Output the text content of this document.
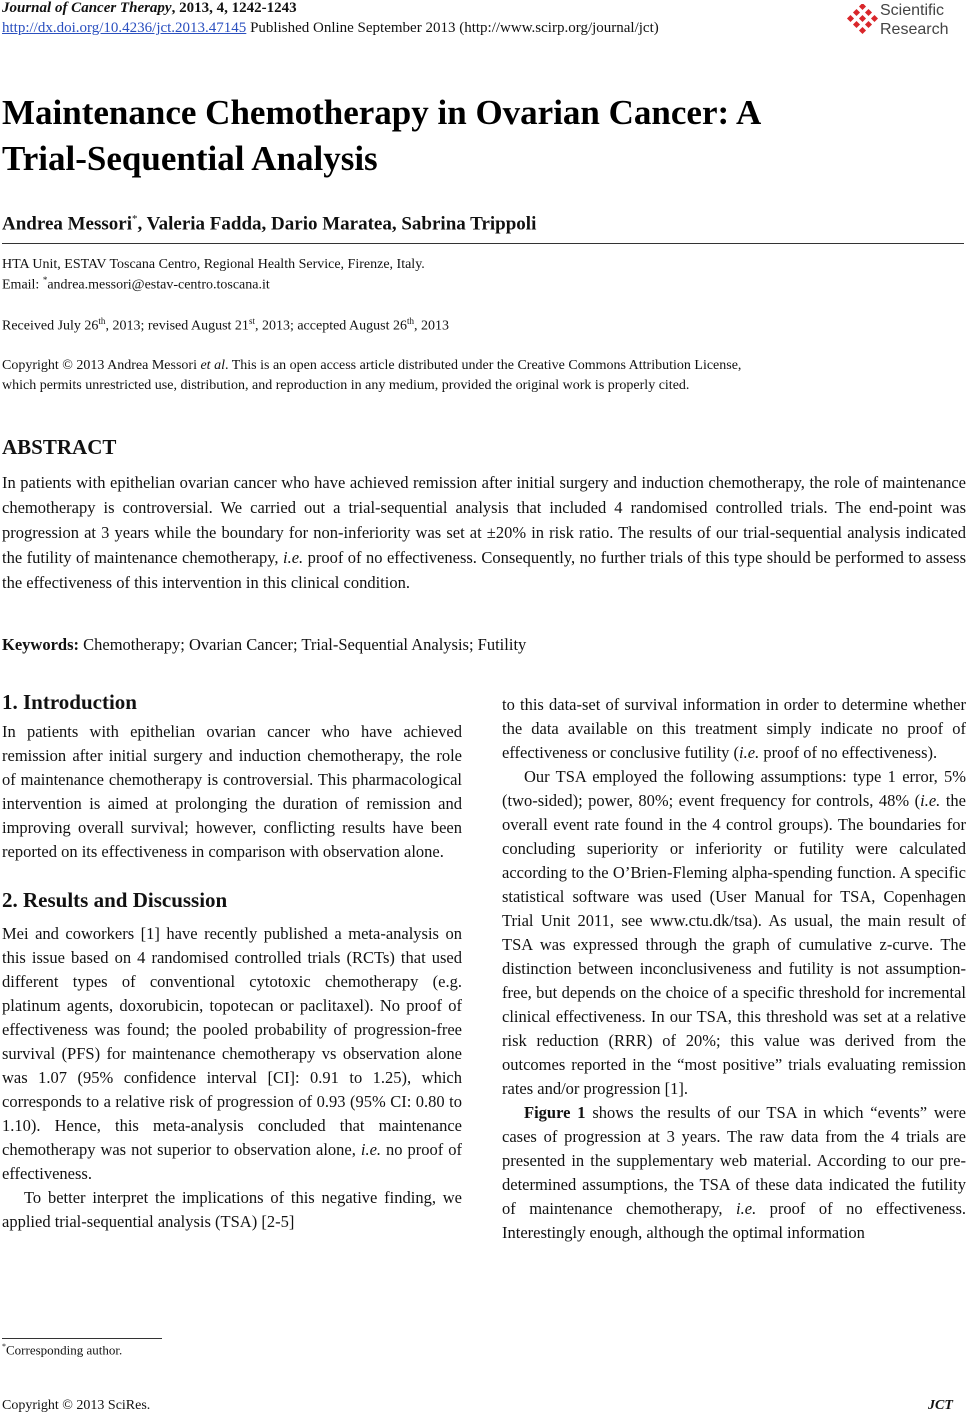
Journal of Cancer Therapy, 2013, 4, 1242-1243
http://dx.doi.org/10.4236/jct.2013.47145 Published Online September 2013 (http://www.scirp.org/journal/jct)
Scientific
Research
Maintenance Chemotherapy in Ovarian Cancer: A
Trial-Sequential Analysis
Andrea Messori*, Valeria Fadda, Dario Maratea, Sabrina Trippoli
HTA Unit, ESTAV Toscana Centro, Regional Health Service, Firenze, Italy.
Email: *andrea.messori@estav-centro.toscana.it
Received July 26th, 2013; revised August 21st, 2013; accepted August 26th, 2013
Copyright © 2013 Andrea Messori et al. This is an open access article distributed under the Creative Commons Attribution License,
which permits unrestricted use, distribution, and reproduction in any medium, provided the original work is properly cited.
ABSTRACT
In patients with epithelian ovarian cancer who have achieved remission after initial surgery and induction chemotherapy, the role of maintenance chemotherapy is controversial. We carried out a trial-sequential analysis that included 4 randomised controlled trials. The end-point was progression at 3 years while the boundary for non-inferiority was set at ±20% in risk ratio. The results of our trial-sequential analysis indicated the futility of maintenance chemotherapy, i.e. proof of no effectiveness. Consequently, no further trials of this type should be performed to assess the effectiveness of this intervention in this clinical condition.
Keywords: Chemotherapy; Ovarian Cancer; Trial-Sequential Analysis; Futility
1. Introduction

In patients with epithelian ovarian cancer who have achieved remission after initial surgery and induction chemotherapy, the role of maintenance chemotherapy is controversial. This pharmacological intervention is aimed at prolonging the duration of remission and improving overall survival; however, conflicting results have been reported on its effectiveness in comparison with observation alone.

2. Results and Discussion

Mei and coworkers [1] have recently published a meta-analysis on this issue based on 4 randomised controlled trials (RCTs) that used different types of conventional cytotoxic chemotherapy (e.g. platinum agents, doxorubicin, topotecan or paclitaxel). No proof of effectiveness was found; the pooled probability of progression-free survival (PFS) for maintenance chemotherapy vs observation alone was 1.07 (95% confidence interval [CI]: 0.91 to 1.25), which corresponds to a relative risk of progression of 0.93 (95% CI: 0.80 to 1.10). Hence, this meta-analysis concluded that maintenance chemotherapy was not superior to observation alone, i.e. no proof of effectiveness.

To better interpret the implications of this negative finding, we applied trial-sequential analysis (TSA) [2-5]

to this data-set of survival information in order to determine whether the data available on this treatment simply indicate no proof of effectiveness or conclusive futility (i.e. proof of no effectiveness).

Our TSA employed the following assumptions: type 1 error, 5% (two-sided); power, 80%; event frequency for controls, 48% (i.e. the overall event rate found in the 4 control groups). The boundaries for concluding superiority or inferiority or futility were calculated according to the O’Brien-Fleming alpha-spending function. A specific statistical software was used (User Manual for TSA, Copenhagen Trial Unit 2011, see www.ctu.dk/tsa). As usual, the main result of TSA was expressed through the graph of cumulative z-curve. The distinction between inconclusiveness and futility is not assumption-free, but depends on the choice of a specific threshold for incremental clinical effectiveness. In our TSA, this threshold was set at a relative risk reduction (RRR) of 20%; this value was derived from the outcomes reported in the “most positive” trials evaluating remission rates and/or progression [1].

Figure 1 shows the results of our TSA in which “events” were cases of progression at 3 years. The raw data from the 4 trials are presented in the supplementary web material. According to our pre-determined assumptions, the TSA of these data indicated the futility of maintenance chemotherapy, i.e. proof of no effectiveness. Interestingly enough, although the optimal information

*Corresponding author.
Copyright © 2013 SciRes.	JCT
